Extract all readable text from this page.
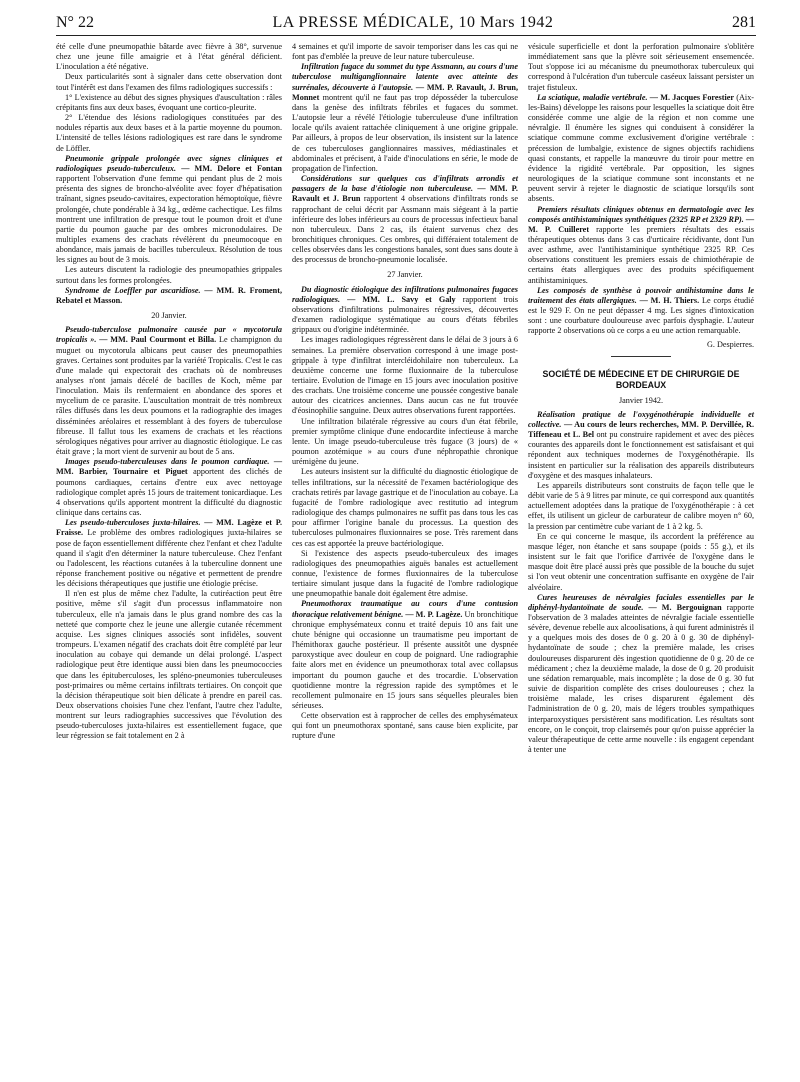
N° 22	LA PRESSE MÉDICALE, 10 Mars 1942	281

été celle d'une pneumopathie bâtarde avec fièvre à 38°, survenue chez une jeune fille amaigrie et à l'état général déficient. L'inoculation a été négative.

Deux particularités sont à signaler dans cette observation dont tout l'intérêt est dans l'examen des films radiologiques successifs :

1° L'existence au début des signes physiques d'auscultation : râles crépitants fins aux deux bases, évoquant une cortico-pleurite.

2° L'étendue des lésions radiologiques constituées par des nodules répartis aux deux bases et à la partie moyenne du poumon. L'intensité de telles lésions radiologiques est rare dans le syndrome de Löffler.

Pneumonie grippale prolongée avec signes cliniques et radiologiques pseudo-tuberculeux. — MM. Delore et Fontan rapportent l'observation d'une femme qui pendant plus de 2 mois présenta des signes de broncho-alvéolite avec foyer d'hépatisation traînant, signes pseudo-cavitaires, expectoration hémoptoïque, fièvre prolongée, chute pondérable à 34 kg., œdème cachectique. Les films montrent une infiltration de presque tout le poumon droit et d'une partie du poumon gauche par des ombres micronodulaires. De multiples examens des crachats révélèrent du pneumocoque en abondance, mais jamais de bacilles tuberculeux. Résolution de tous les signes au bout de 3 mois.

Les auteurs discutent la radiologie des pneumopathies grippales surtout dans les formes prolongées.

Syndrome de Loeffler par ascaridiose. — MM. R. Froment, Rebatel et Masson.

20 Janvier.

Pseudo-tuberculose pulmonaire causée par « mycotorula tropicalis ». — MM. Paul Courmont et Billa. Le champignon du muguet ou mycotorula albicans peut causer des pneumopathies graves. Certaines sont produites par la variété Tropicalis. C'est le cas d'une malade qui expectorait des crachats où de nombreuses analyses n'ont jamais décelé de bacilles de Koch, même par l'inoculation. Mais ils renfermaient en abondance des spores et mycelium de ce parasite. L'auscultation montrait de très nombreux râles diffusés dans les deux poumons et la radiographie des images disséminées aréolaires et ressemblant à des foyers de tuberculose fibreuse. Il fallut tous les examens de crachats et les réactions sérologiques négatives pour arriver au diagnostic étiologique. Le cas était grave ; la mort vient de survenir au bout de 5 ans.

Images pseudo-tuberculeuses dans le poumon cardiaque. — MM. Barbier, Tournaire et Piguet apportent des clichés de poumons cardiaques, certains d'entre eux avec nettoyage radiologique complet après 15 jours de traitement tonicardiaque. Les 4 observations qu'ils apportent montrent la difficulté du diagnostic clinique dans certains cas.

Les pseudo-tuberculoses juxta-hilaires. — MM. Lagèze et P. Fraisse. Le problème des ombres radiologiques juxta-hilaires se pose de façon essentiellement différente chez l'enfant et chez l'adulte quand il s'agit d'en déterminer la nature tuberculeuse. Chez l'enfant ou l'adolescent, les réactions cutanées à la tuberculine donnent une réponse franchement positive ou négative et permettent de prendre les décisions thérapeutiques que justifie une étiologie précise.

Il n'en est plus de même chez l'adulte, la cutiréaction peut être positive, même s'il s'agit d'un processus inflammatoire non tuberculeux, elle n'a jamais dans le plus grand nombre des cas la netteté que comporte chez le jeune une allergie cutanée récemment acquise. Les signes cliniques associés sont infidèles, souvent trompeurs. L'examen négatif des crachats doit être complété par leur inoculation au cobaye qui demande un délai prolongé. L'aspect radiologique peut être identique aussi bien dans les pneumococcies que dans les épituberculoses, les spléno-pneumonies tuberculeuses post-primaires ou même certains infiltrats tertiaires. On conçoit que la décision thérapeutique soit bien délicate à prendre en pareil cas. Deux observations choisies l'une chez l'enfant, l'autre chez l'adulte, montrent sur leurs radiographies successives que l'évolution des pseudo-tuberculoses juxta-hilaires est essentiellement fugace, que leur régression se fait totalement en 2 à

4 semaines et qu'il importe de savoir temporiser dans les cas qui ne font pas d'emblée la preuve de leur nature tuberculeuse.

Infiltration fugace du sommet du type Assmann, au cours d'une tuberculose multiganglionnaire latente avec atteinte des surrénales, découverte à l'autopsie. — MM. P. Ravault, J. Brun, Monnet montrent qu'il ne faut pas trop déposséder la tuberculose dans la genèse des infiltrats fébriles et fugaces du sommet. L'autopsie leur a révélé l'étiologie tuberculeuse d'une infiltration locale qu'ils avaient rattachée cliniquement à une origine grippale. Par ailleurs, à propos de leur observation, ils insistent sur la latence de ces tuberculoses ganglionnaires massives, médiastinales et abdominales et précisent, à l'aide d'inoculations en série, le mode de propagation de l'infection.

Considérations sur quelques cas d'infiltrats arrondis et passagers de la base d'étiologie non tuberculeuse. — MM. P. Ravault et J. Brun rapportent 4 observations d'infiltrats ronds se rapprochant de celui décrit par Assmann mais siégeant à la partie inférieure des lobes inférieurs au cours de processus infectieux banal non tuberculeux. Dans 2 cas, ils étaient survenus chez des bronchitiques chroniques. Ces ombres, qui différaient totalement de celles observées dans les congestions banales, sont dues sans doute à des processus de broncho-pneumonie localisée.

27 Janvier.

Du diagnostic étiologique des infiltrations pulmonaires fugaces radiologiques. — MM. L. Savy et Galy rapportent trois observations d'infiltrations pulmonaires régressives, découvertes d'examen radiologique systématique au cours d'états fébriles grippaux ou d'origine indéterminée.

Les images radiologiques régressèrent dans le délai de 3 jours à 6 semaines. La première observation correspond à une image post-grippale à type d'infiltrat intercléidohilaire non tuberculeux. La deuxième concerne une forme fluxionnaire de la tuberculose tertiaire. Evolution de l'image en 15 jours avec inoculation positive des crachats. Une troisième concerne une poussée congestive banale autour des cicatrices anciennes. Dans aucun cas ne fut trouvée d'éosinophilie sanguine. Deux autres observations furent rapportées.

Une infiltration bilatérale régressive au cours d'un état fébrile, premier symptôme clinique d'une endocardite infectieuse à marche lente. Un image pseudo-tuberculeuse très fugace (3 jours) de « poumon azotémique » au cours d'une néphropathie chronique urémigène du jeune.

Les auteurs insistent sur la difficulté du diagnostic étiologique de telles infiltrations, sur la nécessité de l'examen bactériologique des crachats retirés par lavage gastrique et de l'inoculation au cobaye. La fugacité de l'ombre radiologique avec restitutio ad integrum radiologique des champs pulmonaires ne suffit pas dans tous les cas pour affirmer l'origine banale du processus. La question des tuberculoses pulmonaires fluxionnaires se pose. Très rarement dans ces cas est apportée la preuve bactériologique.

Si l'existence des aspects pseudo-tuberculeux des images radiologiques des pneumopathies aiguës banales est actuellement connue, l'existence de formes fluxionnaires de la tuberculose tertiaire simulant jusque dans la fugacité de l'ombre radiologique une pneumopathie banale doit également être admise.

Pneumothorax traumatique au cours d'une contusion thoracique relativement bénigne. — M. P. Lagèze. Un bronchitique chronique emphysémateux connu et traité depuis 10 ans fait une chute bénigne qui occasionne un traumatisme peu important de l'hémithorax gauche postérieur. Il présente aussitôt une dyspnée paroxystique avec douleur en coup de poignard. Une radiographie faite alors met en évidence un pneumothorax total avec collapsus important du poumon gauche et des trocardie. L'observation quotidienne montre la régression rapide des symptômes et le recollement pulmonaire en 15 jours sans séquelles pleurales bien sérieuses.

Cette observation est à rapprocher de celles des emphysémateux qui font un pneumothorax spontané, sans cause bien explicite, par rupture d'une

vésicule superficielle et dont la perforation pulmonaire s'oblitère immédiatement sans que la plèvre soit sérieusement ensemencée. Tout s'oppose ici au mécanisme du pneumothorax tuberculeux qui correspond à l'ulcération d'un tubercule caséeux laissant persister un trajet fistuleux.

La sciatique, maladie vertébrale. — M. Jacques Forestier (Aix-les-Bains) développe les raisons pour lesquelles la sciatique doit être considérée comme une algie de la région et non comme une névralgie. Il énumère les signes qui conduisent à considérer la sciatique commune comme exclusivement d'origine vertébrale : précession de lumbalgie, existence de signes objectifs rachidiens quasi constants, et rappelle la manœuvre du tiroir pour mettre en évidence la rigidité vertébrale. Par opposition, les signes neurologiques de la sciatique commune sont inconstants et ne peuvent servir à rejeter le diagnostic de sciatique lorsqu'ils sont absents.

Premiers résultats cliniques obtenus en dermatologie avec les composés antihistaminiques synthétiques (2325 RP et 2329 RP). — M. P. Cuilleret rapporte les premiers résultats des essais thérapeutiques obtenus dans 3 cas d'urticaire récidivante, dont l'un avec asthme, avec l'antihistaminique synthétique 2325 RP. Ces observations constituent les premiers essais de chimiothérapie de certains états allergiques avec des produits spécifiquement antihistaminiques.

Les composés de synthèse à pouvoir antihistamine dans le traitement des états allergiques. — M. H. Thiers. Le corps étudié est le 929 F. On ne peut dépasser 4 mg. Les signes d'intoxication sont : une courbature douloureuse avec parfois dysphagie. L'auteur rapporte 2 observations où ce corps a eu une action remarquable.

G. Despierres.

SOCIÉTÉ DE MÉDECINE ET DE CHIRURGIE DE BORDEAUX

Janvier 1942.

Réalisation pratique de l'oxygénothérapie individuelle et collective. — Au cours de leurs recherches, MM. P. Dervillée, R. Tiffeneau et L. Bel ont pu construire rapidement et avec des pièces courantes des appareils dont le fonctionnement est satisfaisant et qui répondent aux techniques modernes de l'oxygénothérapie. Ils insistent en particulier sur la réalisation des appareils distributeurs d'oxygène et des masques inhalateurs.

Les appareils distributeurs sont construits de façon telle que le débit varie de 5 à 9 litres par minute, ce qui correspond aux quantités actuellement adoptées dans la pratique de l'oxygénothérapie : à cet effet, ils utilisent un gicleur de carburateur de calibre moyen n° 60, la pression par centimètre cube variant de 1 à 2 kg. 5.

En ce qui concerne le masque, ils accordent la préférence au masque léger, non étanche et sans soupape (poids : 55 g.), et ils insistent sur le fait que l'orifice d'arrivée de l'oxygène dans le masque doit être placé aussi près que possible de la bouche du sujet si l'on veut obtenir une concentration suffisante en oxygène de l'air alvéolaire.

Cures heureuses de névralgies faciales essentielles par le diphényl-hydantoïnate de soude. — M. Bergouignan rapporte l'observation de 3 malades atteintes de névralgie faciale essentielle sévère, devenue rebelle aux alcoolisations, à qui furent administrés il y a quelques mois des doses de 0 g. 20 à 0 g. 30 de diphényl-hydantoïnate de soude ; chez la première malade, les crises douloureuses disparurent dès ingestion quotidienne de 0 g. 20 de ce médicament ; chez la deuxième malade, la dose de 0 g. 20 produisit une sédation remarquable, mais incomplète ; la dose de 0 g. 30 fut suivie de disparition complète des crises douloureuses ; chez la troisième malade, les crises disparurent également dès l'administration de 0 g. 20, mais de légers troubles sympathiques interparoxystiques persistèrent sans modification. Les résultats sont encore, on le conçoit, trop clairsemés pour qu'on puisse apprécier la valeur thérapeutique de cette arme nouvelle : ils engagent cependant à tenter une
